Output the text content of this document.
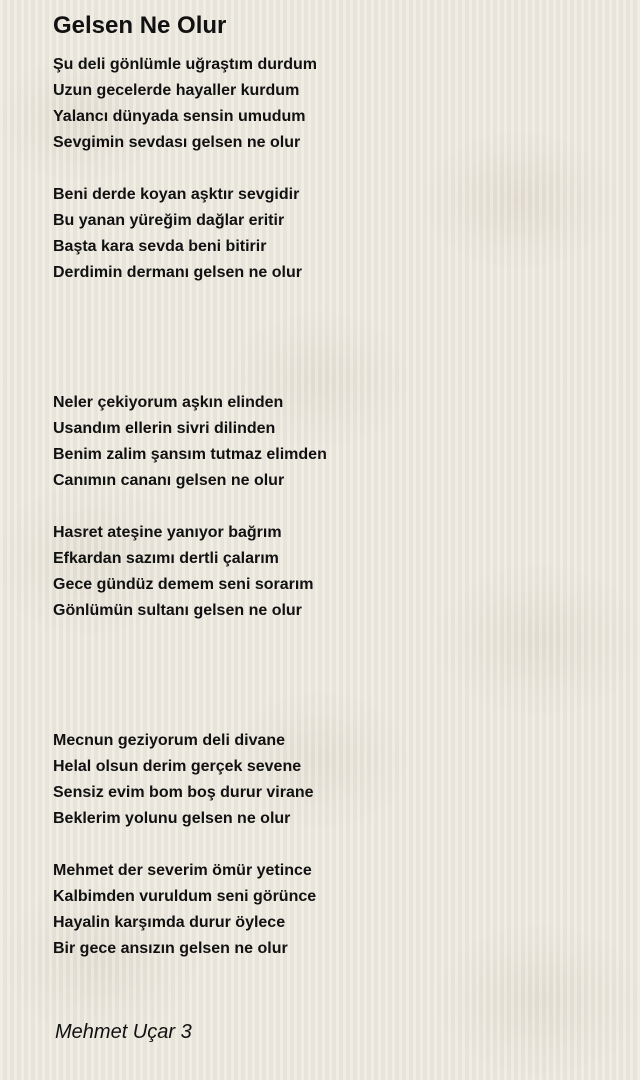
Gelsen Ne Olur
Şu deli gönlümle uğraştım durdum
Uzun gecelerde hayaller kurdum
Yalancı dünyada sensin umudum
Sevgimin sevdası gelsen ne olur
Beni derde koyan aşktır sevgidir
Bu yanan yüreğim dağlar eritir
Başta kara sevda beni bitirir
Derdimin dermanı gelsen ne olur
Neler çekiyorum aşkın elinden
Usandım ellerin sivri dilinden
Benim zalim şansım tutmaz elimden
Canımın cananı gelsen ne olur
Hasret ateşine yanıyor bağrım
Efkardan sazımı dertli çalarım
Gece gündüz demem seni sorarım
Gönlümün sultanı gelsen ne olur
Mecnun geziyorum deli divane
Helal olsun derim gerçek sevene
Sensiz evim bom boş durur virane
Beklerim yolunu gelsen ne olur
Mehmet der severim ömür yetince
Kalbimden vuruldum seni görünce
Hayalin karşımda durur öylece
Bir gece ansızın gelsen ne olur
Mehmet Uçar 3
